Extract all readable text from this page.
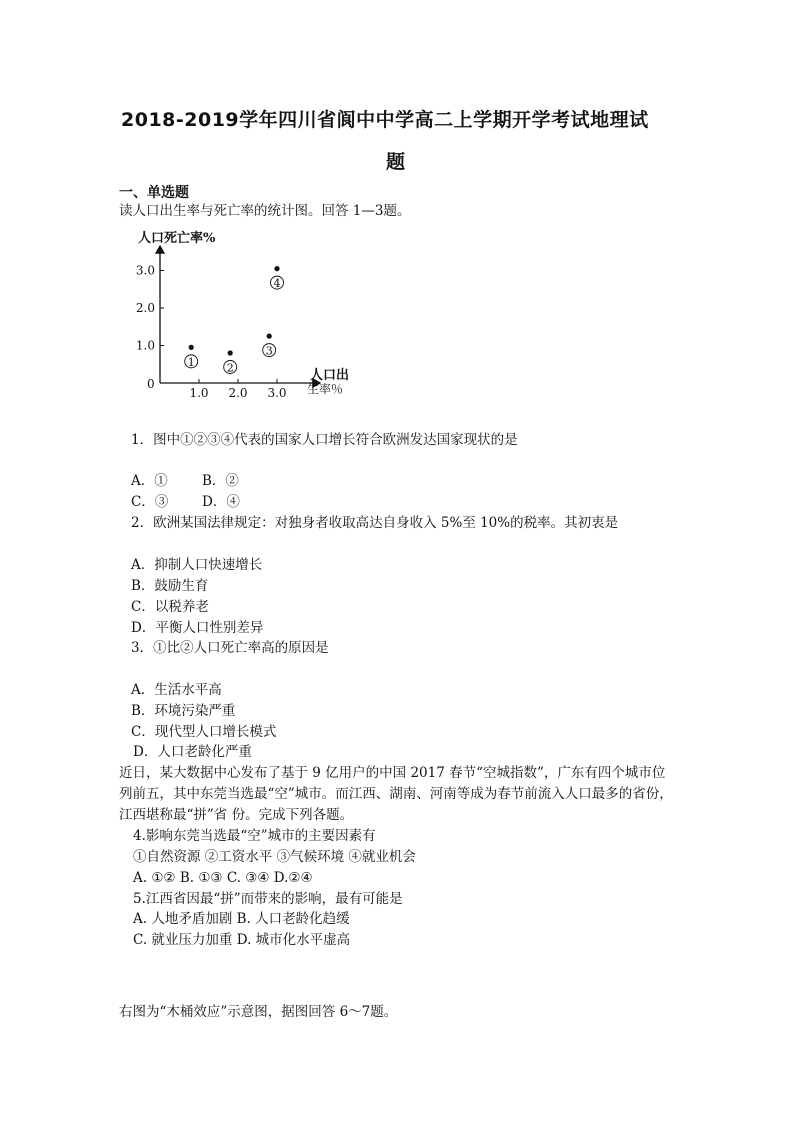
2018-2019学年四川省阆中中学高二上学期开学考试地理试
题
一、单选题
读人口出生率与死亡率的统计图。回答 1—3题。
人口死亡率%
人口出
生率％
0
1.0 2.0 3.0
1.0
2.0
3.0
1	2
3
4
1．图中①②③④代表的国家人口增长符合欧洲发达国家现状的是
A．①	B．②
C．③ D．④
2．欧洲某国法律规定：对独身者收取高达自身收入 5%至 10%的税率。其初衷是
A．抑制人口快速增长
B．鼓励生育
C．以税养老
D．平衡人口性别差异
3．①比②人口死亡率高的原因是
A．生活水平高
B．环境污染严重
C．现代型人口增长模式
D．人口老龄化严重
近日，某大数据中心发布了基于 9 亿用户的中国 2017 春节“空城指数”，广东有四个城市位
列前五，其中东莞当选最“空”城市。而江西、湖南、河南等成为春节前流入人口最多的省份，
江西堪称最“拼”省 份。完成下列各题。
4.影响东莞当选最“空”城市的主要因素有
①自然资源 ②工资水平 ③气候环境 ④就业机会
A. ①② B. ①③ C. ③④ D.②④
5.江西省因最“拼”而带来的影响，最有可能是
A. 人地矛盾加剧 B. 人口老龄化趋缓
C. 就业压力加重 D. 城市化水平虚高
右图为“木桶效应”示意图，据图回答 6～7题。
